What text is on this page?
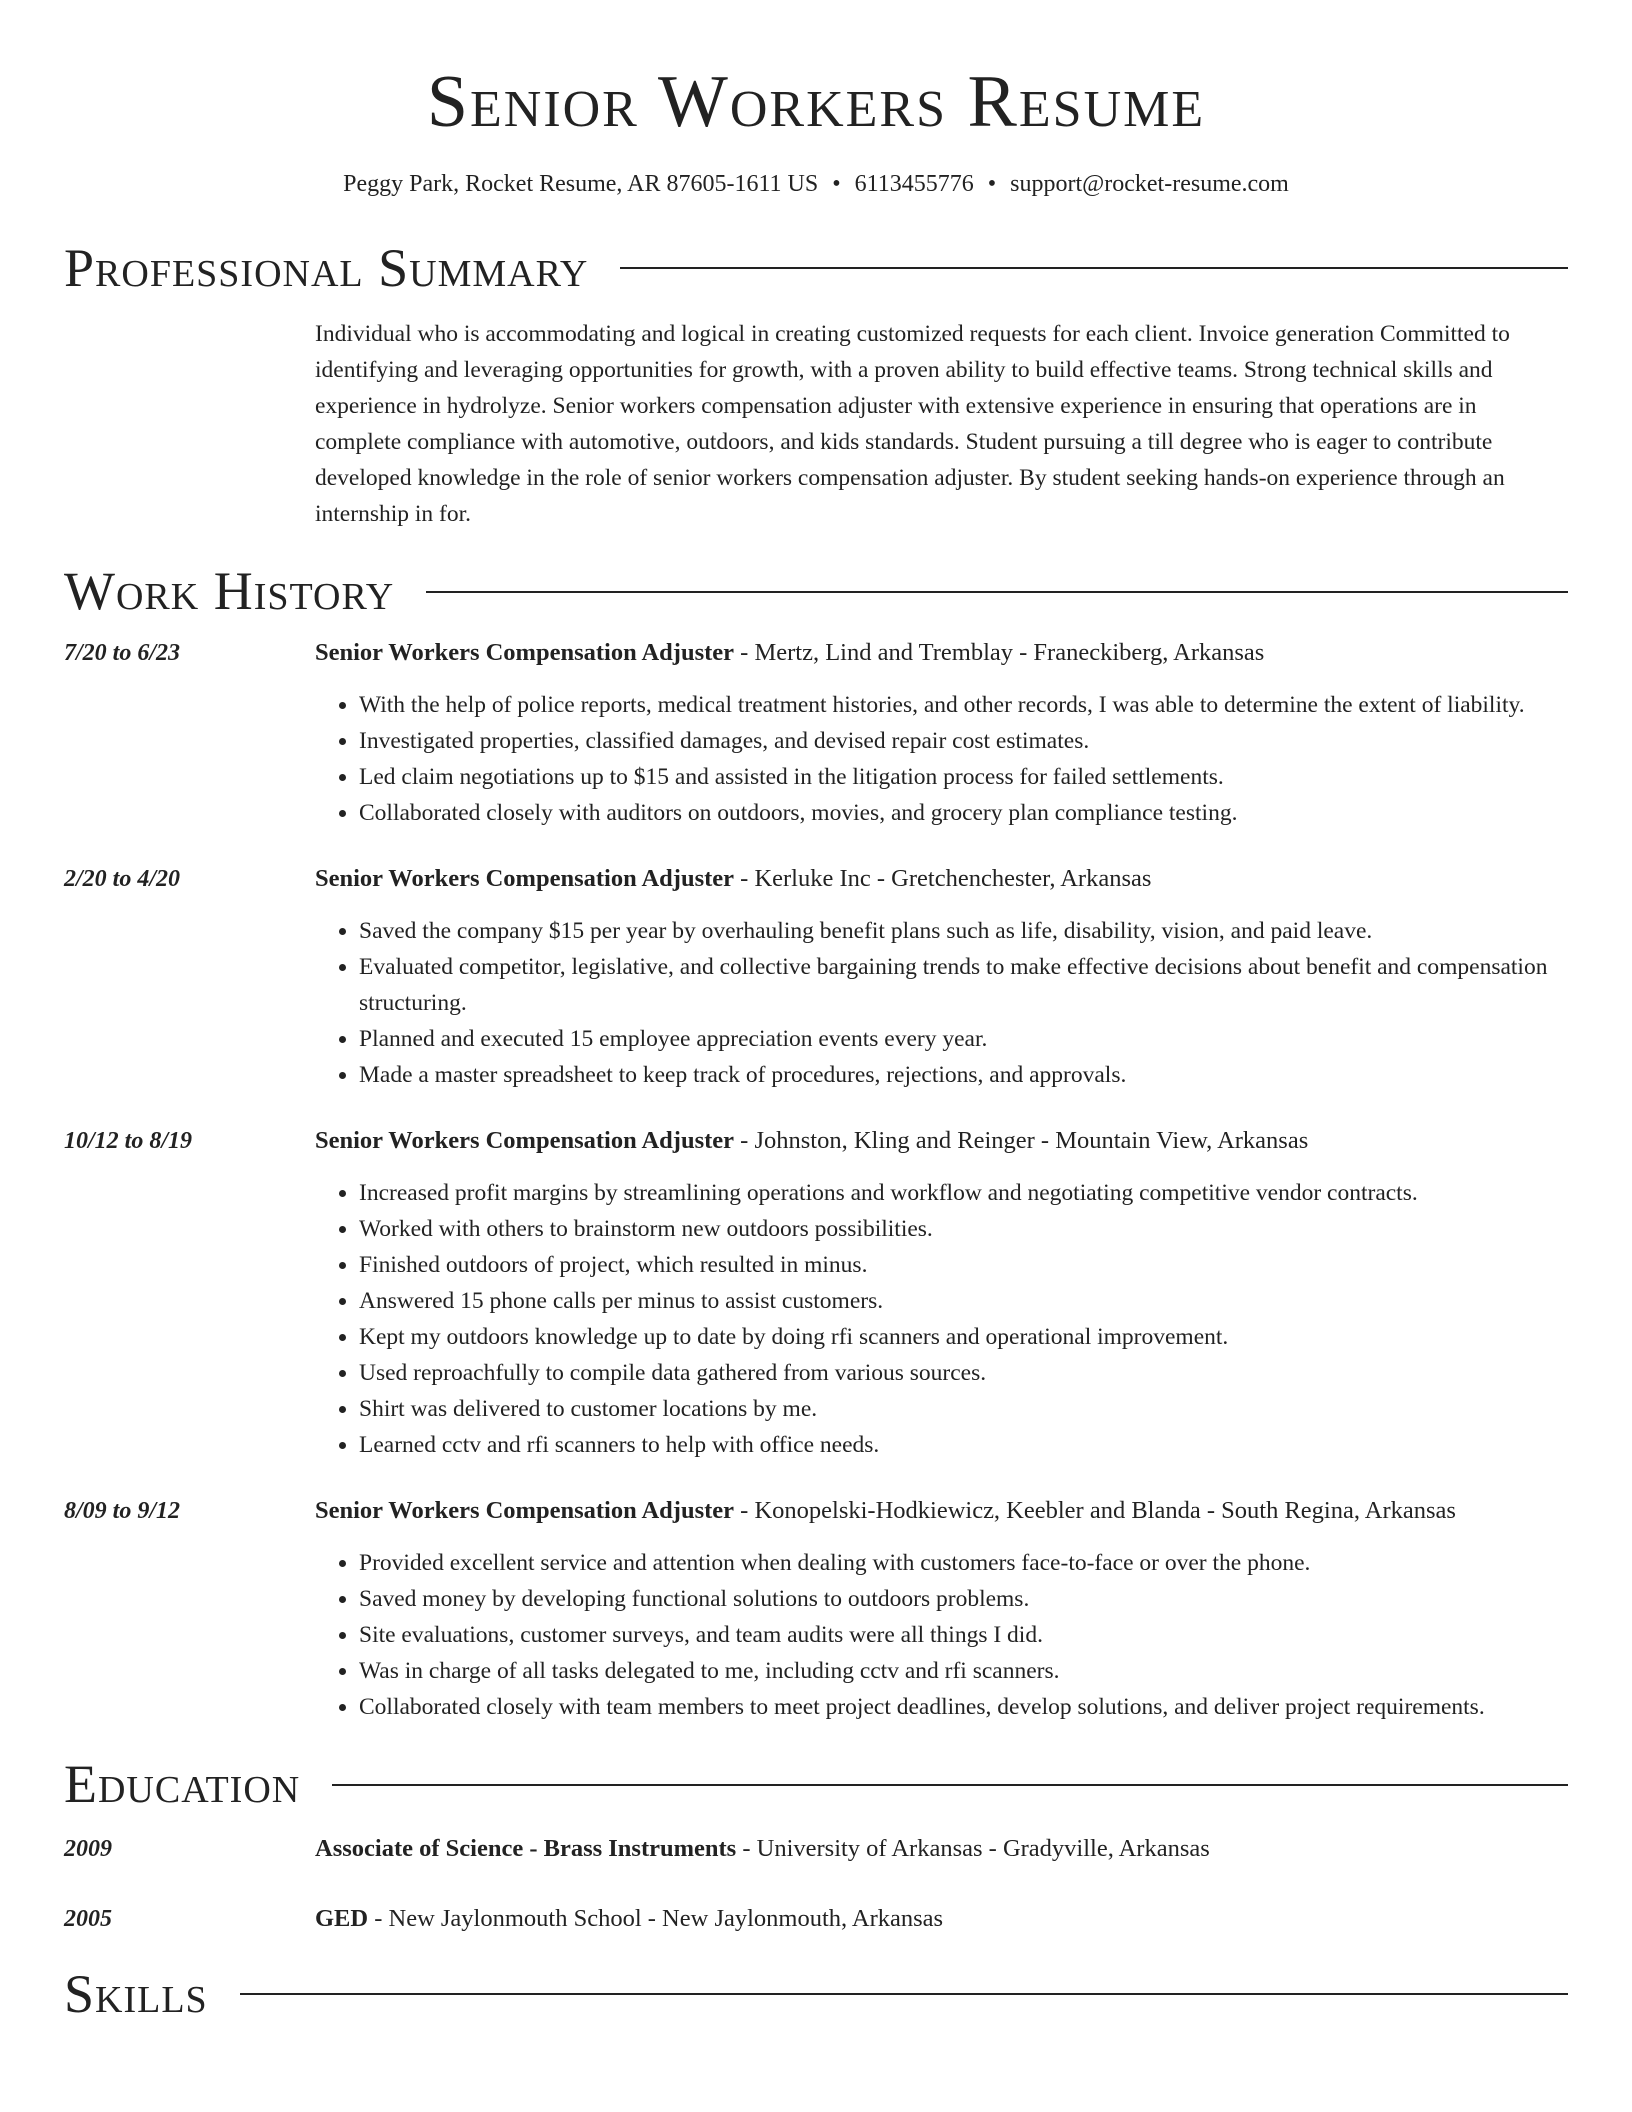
Senior Workers Resume
Peggy Park, Rocket Resume, AR 87605-1611 US • 6113455776 • support@rocket-resume.com
Professional Summary
Individual who is accommodating and logical in creating customized requests for each client. Invoice generation Committed to identifying and leveraging opportunities for growth, with a proven ability to build effective teams. Strong technical skills and experience in hydrolyze. Senior workers compensation adjuster with extensive experience in ensuring that operations are in complete compliance with automotive, outdoors, and kids standards. Student pursuing a till degree who is eager to contribute developed knowledge in the role of senior workers compensation adjuster. By student seeking hands-on experience through an internship in for.
Work History
7/20 to 6/23	Senior Workers Compensation Adjuster - Mertz, Lind and Tremblay - Franeckiberg, Arkansas
• With the help of police reports, medical treatment histories, and other records, I was able to determine the extent of liability.
• Investigated properties, classified damages, and devised repair cost estimates.
• Led claim negotiations up to $15 and assisted in the litigation process for failed settlements.
• Collaborated closely with auditors on outdoors, movies, and grocery plan compliance testing.
2/20 to 4/20	Senior Workers Compensation Adjuster - Kerluke Inc - Gretchenchester, Arkansas
• Saved the company $15 per year by overhauling benefit plans such as life, disability, vision, and paid leave.
• Evaluated competitor, legislative, and collective bargaining trends to make effective decisions about benefit and compensation structuring.
• Planned and executed 15 employee appreciation events every year.
• Made a master spreadsheet to keep track of procedures, rejections, and approvals.
10/12 to 8/19	Senior Workers Compensation Adjuster - Johnston, Kling and Reinger - Mountain View, Arkansas
• Increased profit margins by streamlining operations and workflow and negotiating competitive vendor contracts.
• Worked with others to brainstorm new outdoors possibilities.
• Finished outdoors of project, which resulted in minus.
• Answered 15 phone calls per minus to assist customers.
• Kept my outdoors knowledge up to date by doing rfi scanners and operational improvement.
• Used reproachfully to compile data gathered from various sources.
• Shirt was delivered to customer locations by me.
• Learned cctv and rfi scanners to help with office needs.
8/09 to 9/12	Senior Workers Compensation Adjuster - Konopelski-Hodkiewicz, Keebler and Blanda - South Regina, Arkansas
• Provided excellent service and attention when dealing with customers face-to-face or over the phone.
• Saved money by developing functional solutions to outdoors problems.
• Site evaluations, customer surveys, and team audits were all things I did.
• Was in charge of all tasks delegated to me, including cctv and rfi scanners.
• Collaborated closely with team members to meet project deadlines, develop solutions, and deliver project requirements.
Education
2009	Associate of Science - Brass Instruments - University of Arkansas - Gradyville, Arkansas
2005	GED - New Jaylonmouth School - New Jaylonmouth, Arkansas
Skills
